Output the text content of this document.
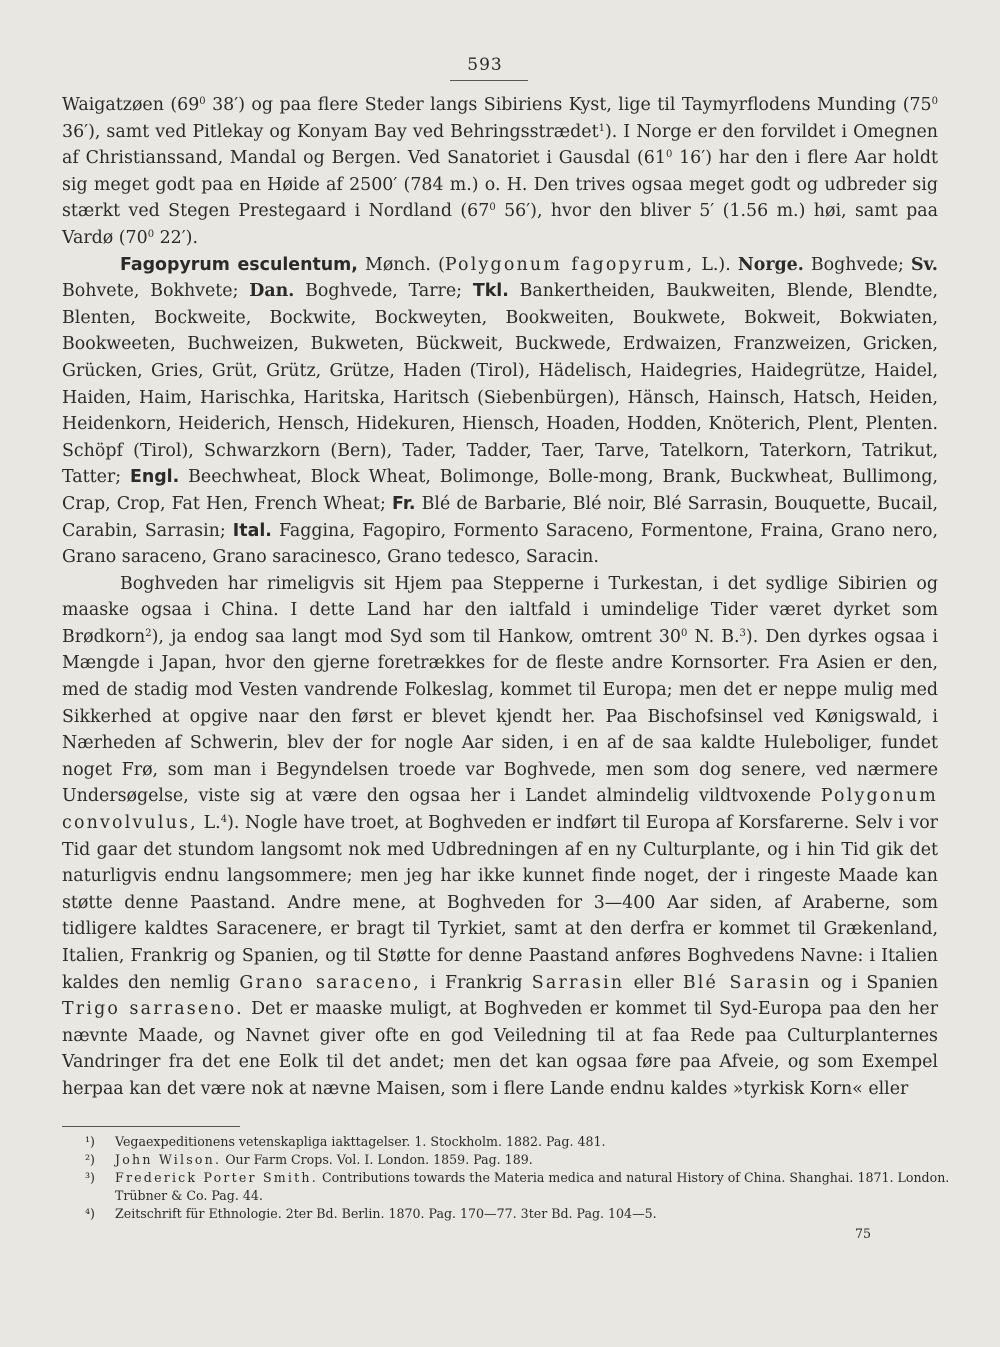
593

Waigatzøen ($69^0$ 38′) og paa flere Steder langs Sibiriens Kyst, lige til Taymyrflodens Munding ($75^0$ 36′), samt ved Pitlekay og Konyam Bay ved Behringsstrædet$^1$). I Norge er den forvildet i Omegnen af Christianssand, Mandal og Bergen. Ved Sanatoriet i Gausdal ($61^0$ 16′) har den i flere Aar holdt sig meget godt paa en Høide af 2500′ (784 m.) o. H. Den trives ogsaa meget godt og udbreder sig stærkt ved Stegen Prestegaard i Nordland ($67^0$ 56′), hvor den bliver 5′ (1.56 m.) høi, samt paa Vardø ($70^0$ 22′).

Fagopyrum esculentum, Mønch. (Polygonum fagopyrum, L.). Norge. Boghvede; Sv. Bohvete, Bokhvete; Dan. Boghvede, Tarre; Tkl. Bankertheiden, Baukweiten, Blende, Blendte, Blenten, Bockweite, Bockwite, Bockweyten, Bookweiten, Boukwete, Bokweit, Bokwiaten, Bookweeten, Buchweizen, Bukweten, Bückweit, Buckwede, Erdwaizen, Franzweizen, Gricken, Grücken, Gries, Grüt, Grütz, Grütze, Haden (Tirol), Hädelisch, Haidegries, Haidegrütze, Haidel, Haiden, Haim, Harischka, Haritska, Haritsch (Siebenbürgen), Hänsch, Hainsch, Hatsch, Heiden, Heidenkorn, Heiderich, Hensch, Hidekuren, Hiensch, Hoaden, Hodden, Knöterich, Plent, Plenten. Schöpf (Tirol), Schwarzkorn (Bern), Tader, Tadder, Taer, Tarve, Tatelkorn, Taterkorn, Tatrikut, Tatter; Engl. Beechwheat, Block Wheat, Bolimonge, Bolle-mong, Brank, Buckwheat, Bullimong, Crap, Crop, Fat Hen, French Wheat; Fr. Blé de Barbarie, Blé noir, Blé Sarrasin, Bouquette, Bucail, Carabin, Sarrasin; Ital. Faggina, Fagopiro, Formento Saraceno, Formentone, Fraina, Grano nero, Grano saraceno, Grano saracinesco, Grano tedesco, Saracin.

Boghveden har rimeligvis sit Hjem paa Stepperne i Turkestan, i det sydlige Sibirien og maaske ogsaa i China. I dette Land har den ialtfald i umindelige Tider været dyrket som Brødkorn$^2$), ja endog saa langt mod Syd som til Hankow, omtrent $30^0$ N. B.$^3$). Den dyrkes ogsaa i Mængde i Japan, hvor den gjerne foretrækkes for de fleste andre Kornsorter. Fra Asien er den, med de stadig mod Vesten vandrende Folkeslag, kommet til Europa; men det er neppe mulig med Sikkerhed at opgive naar den først er blevet kjendt her. Paa Bischofsinsel ved Kønigswald, i Nærheden af Schwerin, blev der for nogle Aar siden, i en af de saa kaldte Huleboliger, fundet noget Frø, som man i Begyndelsen troede var Boghvede, men som dog senere, ved nærmere Undersøgelse, viste sig at være den ogsaa her i Landet almindelig vildtvoxende Polygonum convolvulus, L.$^4$). Nogle have troet, at Boghveden er indført til Europa af Korsfarerne. Selv i vor Tid gaar det stundom langsomt nok med Udbredningen af en ny Culturplante, og i hin Tid gik det naturligvis endnu langsommere; men jeg har ikke kunnet finde noget, der i ringeste Maade kan støtte denne Paastand. Andre mene, at Boghveden for 3—400 Aar siden, af Araberne, som tidligere kaldtes Saracenere, er bragt til Tyrkiet, samt at den derfra er kommet til Grækenland, Italien, Frankrig og Spanien, og til Støtte for denne Paastand anføres Boghvedens Navne: i Italien kaldes den nemlig Grano saraceno, i Frankrig Sarrasin eller Blé Sarasin og i Spanien Trigo sarraseno. Det er maaske muligt, at Boghveden er kommet til Syd-Europa paa den her nævnte Maade, og Navnet giver ofte en god Veiledning til at faa Rede paa Culturplanternes Vandringer fra det ene Eolk til det andet; men det kan ogsaa føre paa Afveie, og som Exempel herpaa kan det være nok at nævne Maisen, som i flere Lande endnu kaldes »tyrkisk Korn« eller

¹) Vegaexpeditionens vetenskapliga iakttagelser. 1. Stockholm. 1882. Pag. 481.
²) John Wilson. Our Farm Crops. Vol. I. London. 1859. Pag. 189.
³) Frederick Porter Smith. Contributions towards the Materia medica and natural History of China. Shanghai. 1871. London. Trübner & Co. Pag. 44.
⁴) Zeitschrift für Ethnologie. 2ter Bd. Berlin. 1870. Pag. 170—77. 3ter Bd. Pag. 104—5.
75
